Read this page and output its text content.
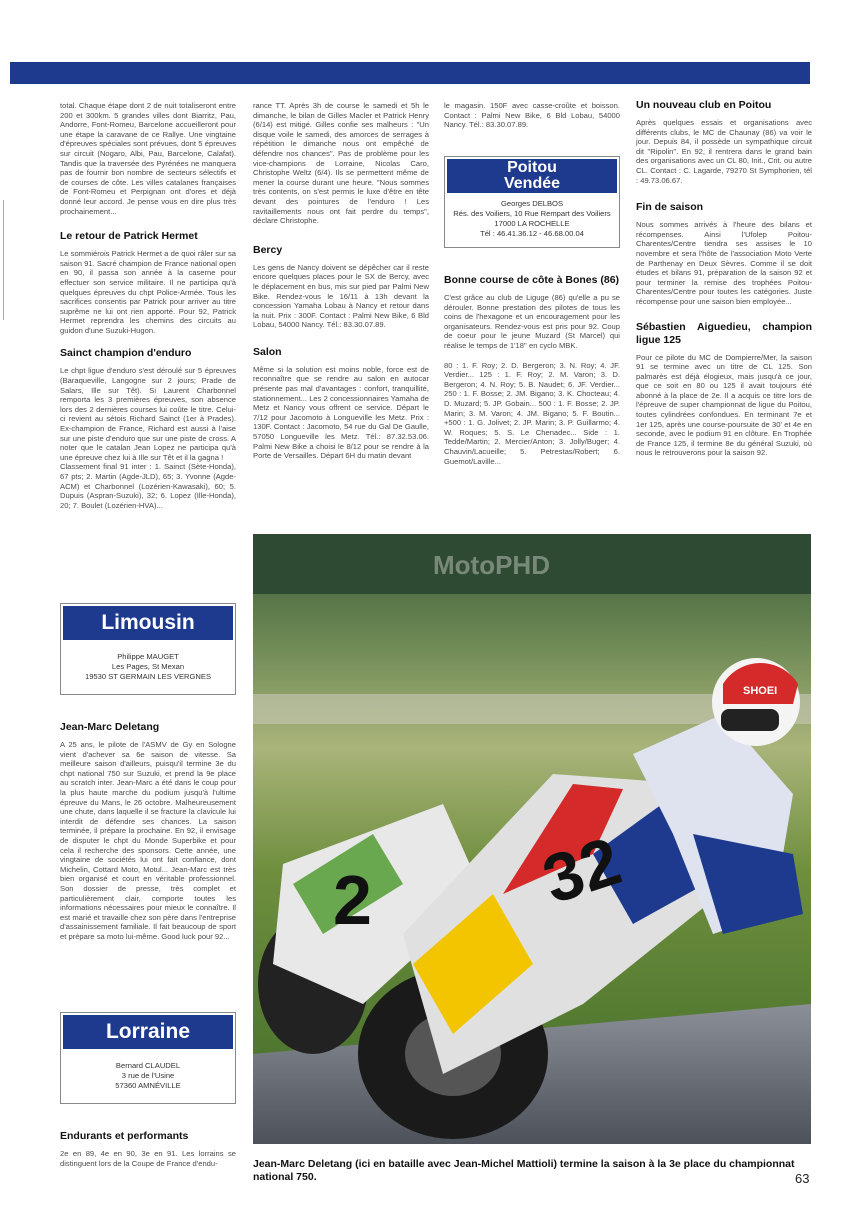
total. Chaque étape dont 2 de nuit totaliseront entre 200 et 300km. 5 grandes villes dont Biarritz, Pau, Andorre, Font-Romeu, Barcelone accueilleront pour une étape la caravane de ce Rallye. Une vingtaine d'épreuves spéciales sont prévues, dont 5 épreuves sur circuit (Nogaro, Albi, Pau, Barcelone, Calafat). Tandis que la traversée des Pyrénées ne manquera pas de fournir bon nombre de secteurs sélectifs et de courses de côte. Les villes catalanes françaises de Font-Romeu et Perpignan ont d'ores et déjà donné leur accord. Je pense vous en dire plus très prochainement...

Le retour de Patrick Hermet

Le sommiérois Patrick Hermet a de quoi râler sur sa saison 91. Sacré champion de France national open en 90, il passa son année à la caserne pour effectuer son service militaire. Il ne participa qu'à quelques épreuves du chpt Police-Armée. Tous les sacrifices consentis par Patrick pour arriver au titre suprême ne lui ont rien apporté. Pour 92, Patrick Hermet reprendra les chemins des circuits au guidon d'une Suzuki-Hugon.

Sainct champion d'enduro

Le chpt ligue d'enduro s'est déroulé sur 5 épreuves (Baraqueville, Langogne sur 2 jours; Prade de Salars, Ille sur Têt). Si Laurent Charbonnel remporta les 3 premières épreuves, son absence lors des 2 dernières courses lui coûte le titre. Celui-ci revient au sétois Richard Sainct (1er à Prades). Ex-champion de France, Richard est aussi à l'aise sur une piste d'enduro que sur une piste de cross. A noter que le catalan Jean Lopez ne participa qu'à une épreuve chez lui à Ille sur Têt et il la gagna !

Classement final 91 inter : 1. Sainct (Sète-Honda), 67 pts; 2. Martin (Agde-JLD), 65; 3. Yvonne (Agde-ACM) et Charbonnel (Lozérien-Kawasaki), 60; 5. Dupuis (Aspran-Suzuki), 32; 6. Lopez (Ille-Honda), 20; 7. Boulet (Lozérien-HVA)...

Limousin
Philippe MAUGET
Les Pages, St Mexan
19530 ST GERMAIN LES VERGNES
Jean-Marc Deletang

A 25 ans, le pilote de l'ASMV de Gy en Sologne vient d'achever sa 6e saison de vitesse. Sa meilleure saison d'ailleurs, puisqu'il termine 3e du chpt national 750 sur Suzuki, et prend la 9e place au scratch inter. Jean-Marc a été dans le coup pour la plus haute marche du podium jusqu'à l'ultime épreuve du Mans, le 26 octobre. Malheureusement une chute, dans laquelle il se fracture la clavicule lui interdit de défendre ses chances. La saison terminée, il prépare la prochaine. En 92, il envisage de disputer le chpt du Monde Superbike et pour cela il recherche des sponsors. Cette année, une vingtaine de sociétés lui ont fait confiance, dont Michelin, Cottard Moto, Motul... Jean-Marc est très bien organisé et court en véritable professionnel. Son dossier de presse, très complet et particulièrement clair, comporte toutes les informations nécessaires pour mieux le connaître. Il est marié et travaille chez son père dans l'entreprise d'assainissement familiale. Il fait beaucoup de sport et prépare sa moto lui-même. Good luck pour 92...

Lorraine
Bernard CLAUDEL
3 rue de l'Usine
57360 AMNÉVILLE
Endurants et performants

2e en 89, 4e en 90, 3e en 91. Les lorrains se distinguent lors de la Coupe de France d'endu-

rance TT. Après 3h de course le samedi et 5h le dimanche, le bilan de Gilles Macler et Patrick Henry (6/14) est mitigé. Gilles confie ses malheurs : "Un disque voile le samedi, des amorces de serrages à répétition le dimanche nous ont empêché de défendre nos chances". Pas de problème pour les vice-champions de Lorraine, Nicolas Caro, Christophe Weltz (6/4). Ils se permettent même de mener la course durant une heure. "Nous sommes très contents, on s'est permis le luxe d'être en tête devant des pointures de l'enduro ! Les ravitaillements nous ont fait perdre du temps", déclare Christophe.

Bercy

Les gens de Nancy doivent se dépêcher car il reste encore quelques places pour le SX de Bercy, avec le déplacement en bus, mis sur pied par Palmi New Bike. Rendez-vous le 16/11 à 13h devant la concession Yamaha Lobau à Nancy et retour dans la nuit. Prix : 300F. Contact : Palmi New Bike, 6 Bld Lobau, 54000 Nancy. Tél.: 83.30.07.89.

Salon

Même si la solution est moins noble, force est de reconnaître que se rendre au salon en autocar présente pas mal d'avantages : confort, tranquillité, stationnement... Les 2 concessionnaires Yamaha de Metz et Nancy vous offrent ce service. Départ le 7/12 pour Jacomoto à Longueville les Metz. Prix : 130F. Contact : Jacomoto, 54 rue du Gal De Gaulle, 57050 Longueville les Metz. Tél.: 87.32.53.06. Palmi New Bike a choisi le 8/12 pour se rendre à la Porte de Versailles. Départ 6H du matin devant

le magasin. 150F avec casse-croûte et boisson. Contact : Palmi New Bike, 6 Bld Lobau, 54000 Nancy. Tél.: 83.30.07.89.

Poitou
Vendée
Georges DELBOS
Rés. des Voiliers, 10 Rue Rempart des Voiliers
17000 LA ROCHELLE
Tél : 46.41.36.12 - 46.68.00.04
Bonne course de côte à Bones (86)

C'est grâce au club de Liguge (86) qu'elle a pu se dérouler. Bonne prestation des pilotes de tous les coins de l'hexagone et un encouragement pour les organisateurs. Rendez-vous est pris pour 92. Coup de coeur pour le jeune Muzard (St Marcel) qui réalise le temps de 1'18'' en cyclo MBK.

80 : 1. F. Roy; 2. D. Bergeron; 3. N. Roy; 4. JF. Verdier... 125 : 1. F. Roy; 2. M. Varon; 3. D. Bergeron; 4. N. Roy; 5. B. Naudet; 6. JF. Verdier... 250 : 1. F. Bosse; 2. JM. Bigano; 3. K. Chocteau; 4. D. Muzard; 5. JP. Gobain... 500 : 1. F. Bosse; 2. JP. Marin; 3. M. Varon; 4. JM. Bigano; 5. F. Boutin... +500 : 1. G. Jolivet; 2. JP. Marin; 3. P. Guillarmo; 4. W. Roques; 5. S. Le Chenadec... Side : 1. Tedde/Martin; 2. Mercier/Anton; 3. Jolly/Buger; 4. Chauvin/Lacueille; 5. Petrestas/Robert; 6. Guemot/Laville...

Un nouveau club en Poitou

Après quelques essais et organisations avec différents clubs, le MC de Chaunay (86) va voir le jour. Depuis 84, il possède un sympathique circuit dit "Ripolin". En 92, il rentrera dans le grand bain des organisations avec un CL 80, Init., Crit. ou autre CL. Contact : C. Lagarde, 79270 St Symphorien, tél : 49.73.06.67.

Fin de saison

Nous sommes arrivés à l'heure des bilans et récompenses. Ainsi l'Ufolep Poitou-Charentes/Centre tiendra ses assises le 10 novembre et sera l'hôte de l'association Moto Verte de Parthenay en Deux Sèvres. Comme il se doit études et bilans 91, préparation de la saison 92 et pour terminer la remise des trophées Poitou-Charentes/Centre pour toutes les catégories. Juste récompense pour une saison bien employée...

Sébastien Aiguedieu, champion ligue 125

Pour ce pilote du MC de Dompierre/Mer, la saison 91 se termine avec un titre de CL 125. Son palmarès est déjà élogieux, mais jusqu'à ce jour, que ce soit en 80 ou 125 il avait toujours été abonné à la place de 2e. Il a acquis ce titre lors de l'épreuve de super championnat de ligue du Poitou, toutes cylindrées confondues. En terminant 7e et 1er 125, après une course-poursuite de 30' et 4e en seconde, avec le podium 91 en clôture. En Trophée de France 125, il termine 8e du général Suzuki, où nous le retrouverons pour la saison 92.

2 32
SHOEI
MotoPHD
Jean-Marc Deletang (ici en bataille avec Jean-Michel Mattioli) termine la saison à la 3e place du championnat national 750.	63
